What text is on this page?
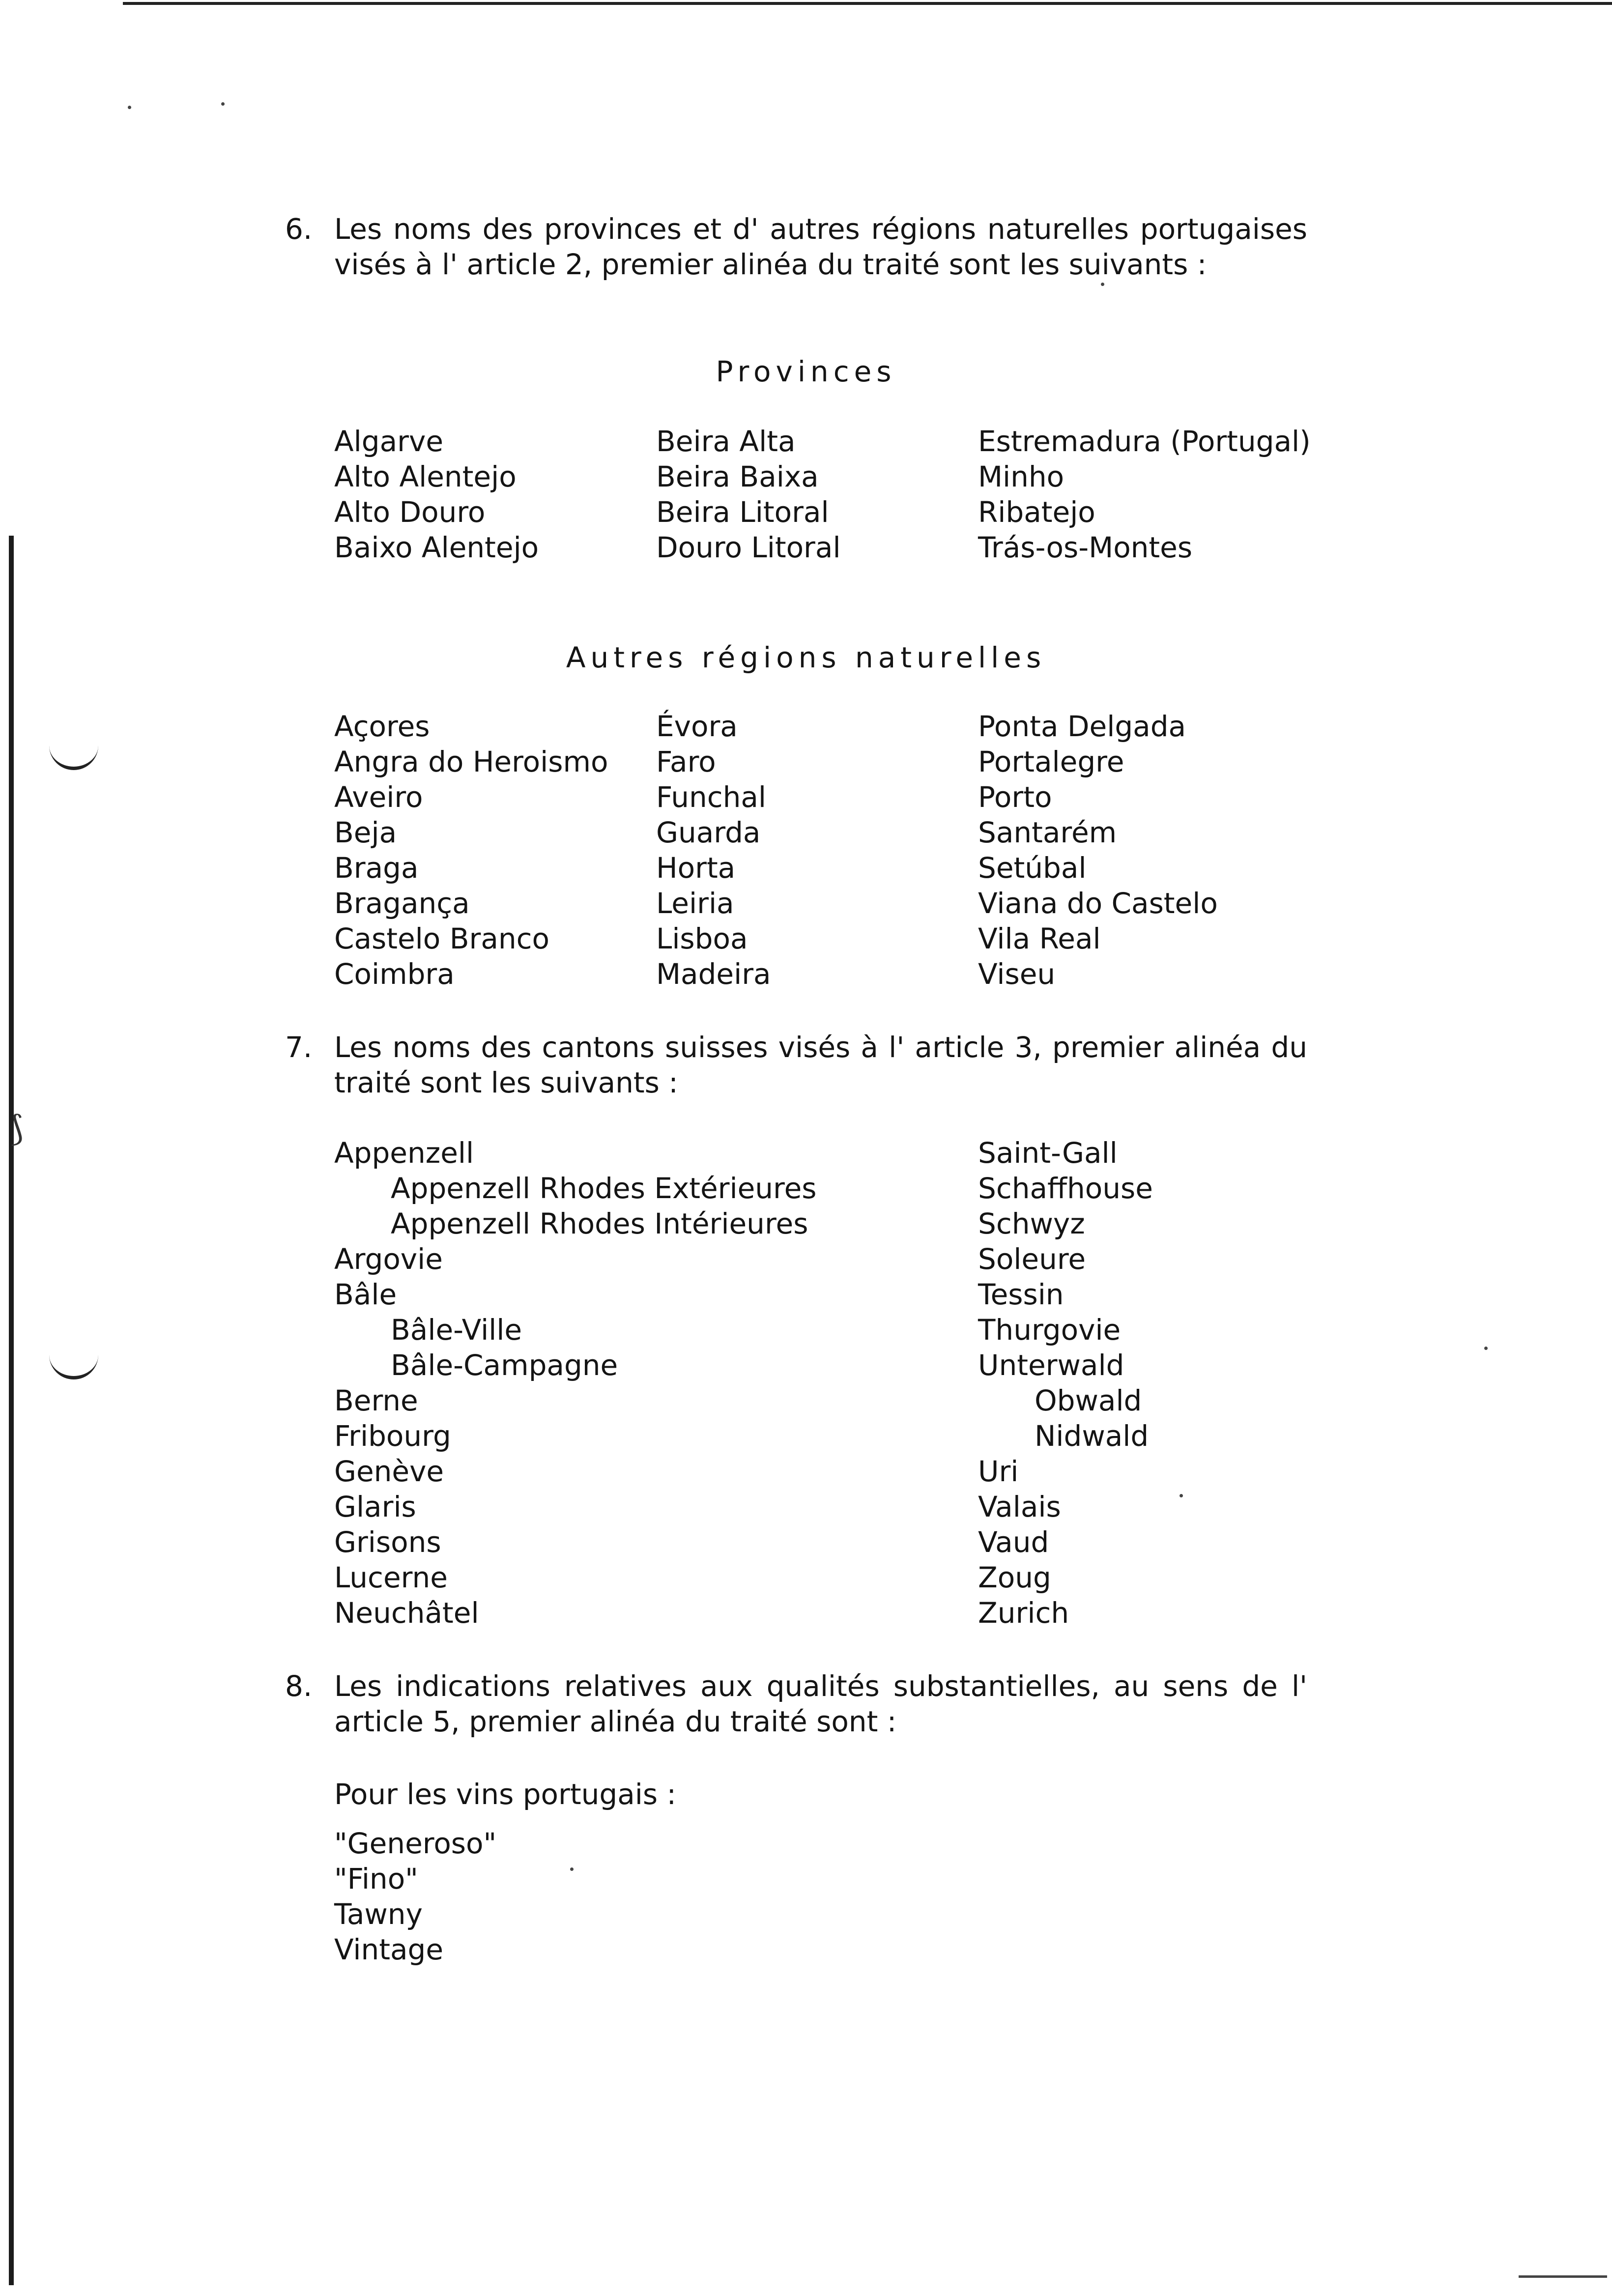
⟆
6. Les noms des provinces et d' autres régions naturelles portugaises visés à l' article 2, premier alinéa du traité sont les suivants :
Provinces
Algarve
Alto Alentejo
Alto Douro
Baixo Alentejo
Beira Alta
Beira Baixa
Beira Litoral
Douro Litoral
Estremadura (Portugal)
Minho
Ribatejo
Trás-os-Montes
Autres régions naturelles
Açores
Angra do Heroismo
Aveiro
Beja
Braga
Bragança
Castelo Branco
Coimbra
Évora
Faro
Funchal
Guarda
Horta
Leiria
Lisboa
Madeira
Ponta Delgada
Portalegre
Porto
Santarém
Setúbal
Viana do Castelo
Vila Real
Viseu
7. Les noms des cantons suisses visés à l' article 3, premier alinéa du traité sont les suivants :
Appenzell
Appenzell Rhodes Extérieures
Appenzell Rhodes Intérieures
Argovie
Bâle
Bâle-Ville
Bâle-Campagne
Berne
Fribourg
Genève
Glaris
Grisons
Lucerne
Neuchâtel
Saint-Gall
Schaffhouse
Schwyz
Soleure
Tessin
Thurgovie
Unterwald
Obwald
Nidwald
Uri
Valais
Vaud
Zoug
Zurich
8. Les indications relatives aux qualités substantielles, au sens de l' article 5, premier alinéa du traité sont :
Pour les vins portugais :
"Generoso"
"Fino"
Tawny
Vintage
